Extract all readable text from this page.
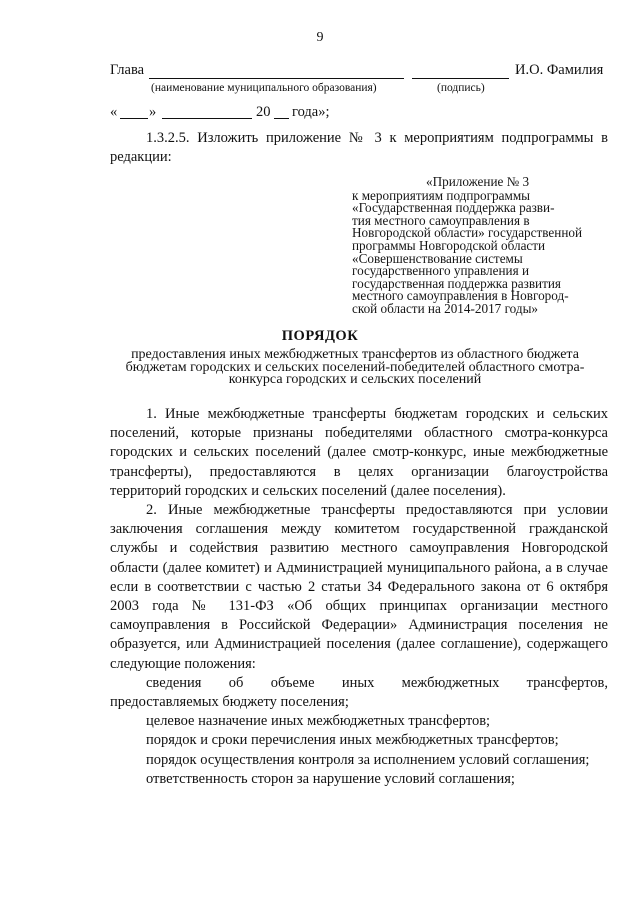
9
Глава	И.О. Фамилия
(наименование муниципального образования)	(подпись)
« »	20 года»;
1.3.2.5. Изложить приложение № 3 к мероприятиям подпрограммы в редакции:
«Приложение № 3
к мероприятиям подпрограммы
«Государственная поддержка разви-
тия местного самоуправления в
Новгородской области» государственной
программы Новгородской области
«Совершенствование системы
государственного управления и
государственная поддержка развития
местного самоуправления в Новгород-
ской области на 2014-2017 годы»
ПОРЯДОК
предоставления иных межбюджетных трансфертов из областного бюджета бюджетам городских и сельских поселений-победителей областного смотра-конкурса городских и сельских поселений

1. Иные межбюджетные трансферты бюджетам городских и сельских поселений, которые признаны победителями областного смотра-конкурса городских и сельских поселений (далее смотр-конкурс, иные межбюджетные трансферты), предоставляются в целях организации благоустройства территорий городских и сельских поселений (далее поселения).

2. Иные межбюджетные трансферты предоставляются при условии заключения соглашения между комитетом государственной гражданской службы и содействия развитию местного самоуправления Новгородской области (далее комитет) и Администрацией муниципального района, а в случае если в соответствии с частью 2 статьи 34 Федерального закона от 6 октября 2003 года № 131-ФЗ «Об общих принципах организации местного самоуправления в Российской Федерации» Администрация поселения не образуется, или Администрацией поселения (далее соглашение), содержащего следующие положения:

сведения об объеме иных межбюджетных трансфертов,

предоставляемых бюджету поселения;

целевое назначение иных межбюджетных трансфертов;

порядок и сроки перечисления иных межбюджетных трансфертов;

порядок осуществления контроля за исполнением условий соглашения;

ответственность сторон за нарушение условий соглашения;
